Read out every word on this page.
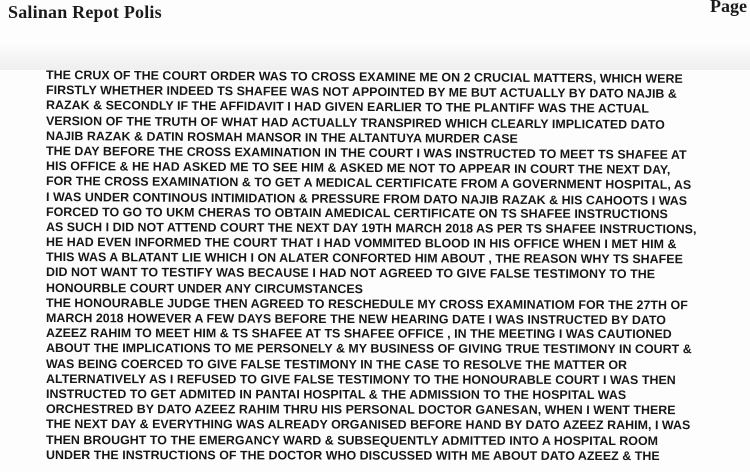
Salinan Repot Polis	Page
THE CRUX OF THE COURT ORDER WAS TO CROSS EXAMINE ME ON 2 CRUCIAL MATTERS, WHICH WERE
FIRSTLY WHETHER INDEED TS SHAFEE WAS NOT APPOINTED BY ME BUT ACTUALLY BY DATO NAJIB &
RAZAK & SECONDLY IF THE AFFIDAVIT I HAD GIVEN EARLIER TO THE PLANTIFF WAS THE ACTUAL
VERSION OF THE TRUTH OF WHAT HAD ACTUALLY TRANSPIRED WHICH CLEARLY IMPLICATED DATO
NAJIB RAZAK & DATIN ROSMAH MANSOR IN THE ALTANTUYA MURDER CASE
THE DAY BEFORE THE CROSS EXAMINATION IN THE COURT I WAS INSTRUCTED TO MEET TS SHAFEE AT
HIS OFFICE & HE HAD ASKED ME TO SEE HIM & ASKED ME NOT TO APPEAR IN COURT THE NEXT DAY,
FOR THE CROSS EXAMINATION & TO GET A MEDICAL CERTIFICATE FROM A GOVERNMENT HOSPITAL, AS
I WAS UNDER CONTINOUS INTIMIDATION & PRESSURE FROM DATO NAJIB RAZAK & HIS CAHOOTS I WAS
FORCED TO GO TO UKM CHERAS TO OBTAIN AMEDICAL CERTIFICATE ON TS SHAFEE INSTRUCTIONS
AS SUCH I DID NOT ATTEND COURT THE NEXT DAY 19TH MARCH 2018 AS PER TS SHAFEE INSTRUCTIONS,
HE HAD EVEN INFORMED THE COURT THAT I HAD VOMMITED BLOOD IN HIS OFFICE WHEN I MET HIM &
THIS WAS A BLATANT LIE WHICH I ON ALATER CONFORTED HIM ABOUT , THE REASON WHY TS SHAFEE
DID NOT WANT TO TESTIFY WAS BECAUSE I HAD NOT AGREED TO GIVE FALSE TESTIMONY TO THE
HONOURBLE COURT UNDER ANY CIRCUMSTANCES
THE HONOURABLE JUDGE THEN AGREED TO RESCHEDULE MY CROSS EXAMINATIOM FOR THE 27TH OF
MARCH 2018 HOWEVER A FEW DAYS BEFORE THE NEW HEARING DATE I WAS INSTRUCTED BY DATO
AZEEZ RAHIM TO MEET HIM & TS SHAFEE AT TS SHAFEE OFFICE , IN THE MEETING I WAS CAUTIONED
ABOUT THE IMPLICATIONS TO ME PERSONELY & MY BUSINESS OF GIVING TRUE TESTIMONY IN COURT &
WAS BEING COERCED TO GIVE FALSE TESTIMONY IN THE CASE TO RESOLVE THE MATTER OR
ALTERNATIVELY AS I REFUSED TO GIVE FALSE TESTIMONY TO THE HONOURABLE COURT I WAS THEN
INSTRUCTED TO GET ADMITED IN PANTAI HOSPITAL & THE ADMISSION TO THE HOSPITAL WAS
ORCHESTRED BY DATO AZEEZ RAHIM THRU HIS PERSONAL DOCTOR GANESAN, WHEN I WENT THERE
THE NEXT DAY & EVERYTHING WAS ALREADY ORGANISED BEFORE HAND BY DATO AZEEZ RAHIM, I WAS
THEN BROUGHT TO THE EMERGANCY WARD & SUBSEQUENTLY ADMITTED INTO A HOSPITAL ROOM
UNDER THE INSTRUCTIONS OF THE DOCTOR WHO DISCUSSED WITH ME ABOUT DATO AZEEZ & THE
